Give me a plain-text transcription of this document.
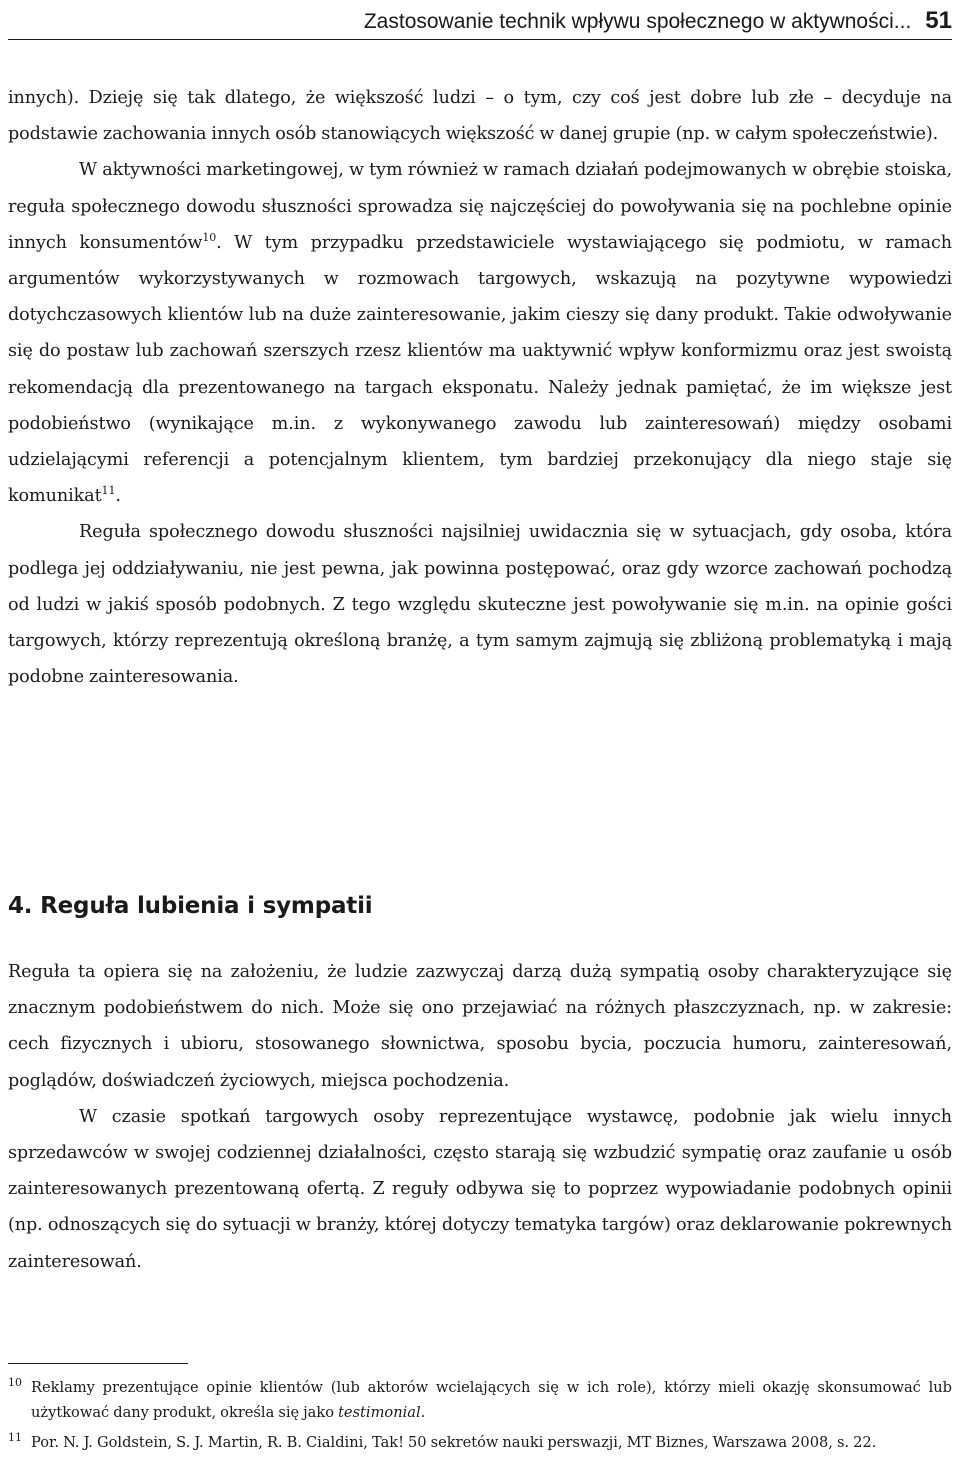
Zastosowanie technik wpływu społecznego w aktywności... 51

innych). Dzieję się tak dlatego, że większość ludzi – o tym, czy coś jest dobre lub złe – decyduje na podstawie zachowania innych osób stanowiących większość w danej grupie (np. w całym społeczeństwie).

W aktywności marketingowej, w tym również w ramach działań podejmowanych w obrębie stoiska, reguła społecznego dowodu słuszności sprowadza się najczęściej do powoływania się na pochlebne opinie innych konsumentów$^{10}$. W tym przypadku przedstawiciele wystawiającego się podmiotu, w ramach argumentów wykorzystywanych w rozmowach targowych, wskazują na pozytywne wypowiedzi dotychczasowych klientów lub na duże zainteresowanie, jakim cieszy się dany produkt. Takie odwoływanie się do postaw lub zachowań szerszych rzesz klientów ma uaktywnić wpływ konformizmu oraz jest swoistą rekomendacją dla prezentowanego na targach eksponatu. Należy jednak pamiętać, że im większe jest podobieństwo (wynikające m.in. z wykonywanego zawodu lub zainteresowań) między osobami udzielającymi referencji a potencjalnym klientem, tym bardziej przekonujący dla niego staje się komunikat$^{11}$.

Reguła społecznego dowodu słuszności najsilniej uwidacznia się w sytuacjach, gdy osoba, która podlega jej oddziaływaniu, nie jest pewna, jak powinna postępować, oraz gdy wzorce zachowań pochodzą od ludzi w jakiś sposób podobnych. Z tego względu skuteczne jest powoływanie się m.in. na opinie gości targowych, którzy reprezentują określoną branżę, a tym samym zajmują się zbliżoną problematyką i mają podobne zainteresowania.

4. Reguła lubienia i sympatii

Reguła ta opiera się na założeniu, że ludzie zazwyczaj darzą dużą sympatią osoby charakteryzujące się znacznym podobieństwem do nich. Może się ono przejawiać na różnych płaszczyznach, np. w zakresie: cech fizycznych i ubioru, stosowanego słownictwa, sposobu bycia, poczucia humoru, zainteresowań, poglądów, doświadczeń życiowych, miejsca pochodzenia.

W czasie spotkań targowych osoby reprezentujące wystawcę, podobnie jak wielu innych sprzedawców w swojej codziennej działalności, często starają się wzbudzić sympatię oraz zaufanie u osób zainteresowanych prezentowaną ofertą. Z reguły odbywa się to poprzez wypowiadanie podobnych opinii (np. odnoszących się do sytuacji w branży, której dotyczy tematyka targów) oraz deklarowanie pokrewnych zainteresowań.

10 Reklamy prezentujące opinie klientów (lub aktorów wcielających się w ich role), którzy mieli okazję skonsumować lub użytkować dany produkt, określa się jako testimonial.
11 Por. N. J. Goldstein, S. J. Martin, R. B. Cialdini, Tak! 50 sekretów nauki perswazji, MT Biznes, Warszawa 2008, s. 22.
